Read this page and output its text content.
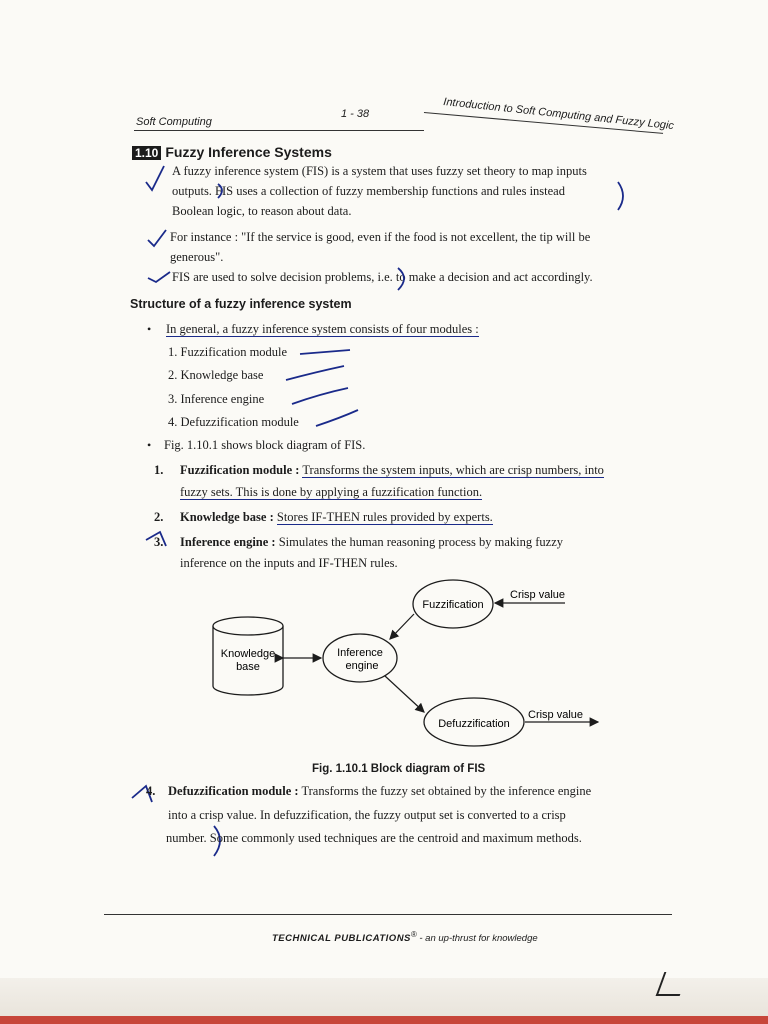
Soft Computing
1 - 38	Introduction to Soft Computing and Fuzzy Logic
1.10 Fuzzy Inference Systems
A fuzzy inference system (FIS) is a system that uses fuzzy set theory to map inputs
outputs. FIS uses a collection of fuzzy membership functions and rules instead
Boolean logic, to reason about data.
For instance : "If the service is good, even if the food is not excellent, the tip will be
generous".
FIS are used to solve decision problems, i.e. to make a decision and act accordingly.
Structure of a fuzzy inference system
• In general, a fuzzy inference system consists of four modules :
1. Fuzzification module
2. Knowledge base
3. Inference engine
4. Defuzzification module
• Fig. 1.10.1 shows block diagram of FIS.
1. Fuzzification module : Transforms the system inputs, which are crisp numbers, into
fuzzy sets. This is done by applying a fuzzification function.
2. Knowledge base : Stores IF-THEN rules provided by experts.
3. Inference engine : Simulates the human reasoning process by making fuzzy
inference on the inputs and IF-THEN rules.
Fuzzification
Knowledge
base
Inference
engine
Defuzzification
Crisp value
Crisp value
Fig. 1.10.1 Block diagram of FIS
4. Defuzzification module : Transforms the fuzzy set obtained by the inference engine
into a crisp value. In defuzzification, the fuzzy output set is converted to a crisp
number. Some commonly used techniques are the centroid and maximum methods.
TECHNICAL PUBLICATIONS® - an up-thrust for knowledge
